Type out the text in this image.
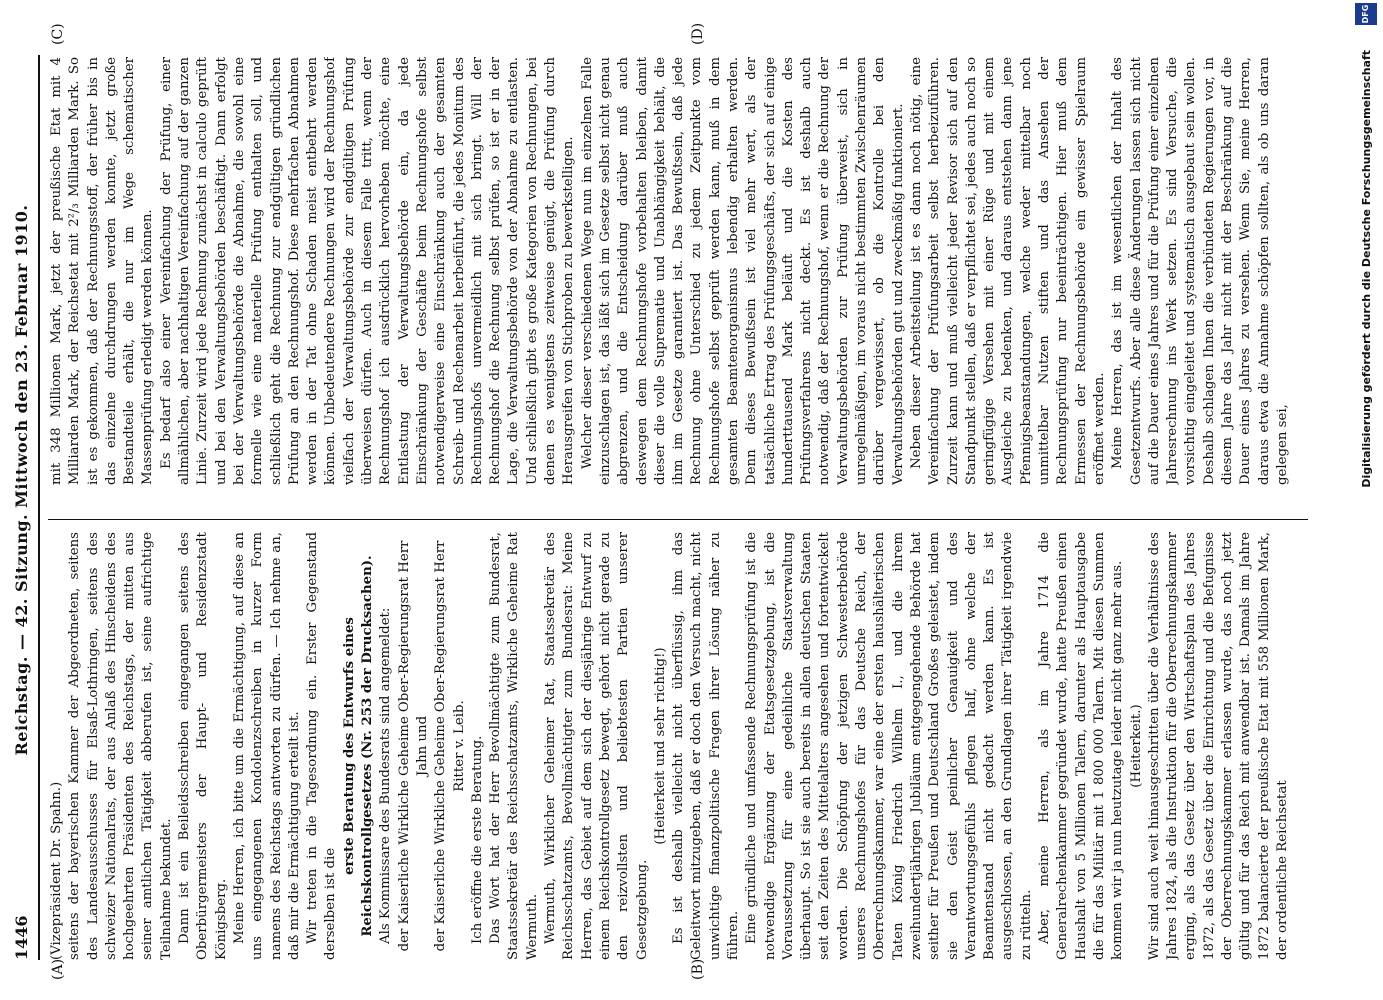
1446
Reichstag. — 42. Sitzung. Mittwoch den 23. Februar 1910.
(A)	(B)
(C)	(D)

(Vizepräsident Dr. Spahn.) seitens der bayerischen Kammer der Abgeordneten, seitens des Landesausschusses für Elsaß-Lothringen, seitens des schweizer Nationalrats, der aus Anlaß des Hinscheidens des hochgeehrten Präsidenten des Reichstags, der mitten aus seiner amtlichen Tätigkeit abberufen ist, seine aufrichtige Teilnahme bekundet. Dann ist ein Beileidsschreiben eingegangen seitens des Oberbürgermeisters der Haupt- und Residenzstadt Königsberg. Meine Herren, ich bitte um die Ermächtigung, auf diese an uns eingegangenen Kondolenzschreiben in kurzer Form namens des Reichstags antworten zu dürfen. — Ich nehme an, daß mir die Ermächtigung erteilt ist. Wir treten in die Tagesordnung ein. Erster Gegenstand derselben ist die

erste Beratung des Entwurfs eines Reichskontrollgesetzes (Nr. 253 der Drucksachen). Als Kommissare des Bundesrats sind angemeldet: der Kaiserliche Wirkliche Geheime Ober-Regierungsrat Herr Jahn und der Kaiserliche Wirkliche Geheime Ober-Regierungsrat Herr Ritter v. Leib. Ich eröffne die erste Beratung. Das Wort hat der Herr Bevollmächtigte zum Bundesrat, Staatssekretär des Reichsschatzamts, Wirkliche Geheime Rat Wermuth. Wermuth, Wirklicher Geheimer Rat, Staatssekretär des Reichsschatzamts, Bevollmächtigter zum Bundesrat: Meine Herren, das Gebiet auf dem sich der diesjährige Entwurf zu einem Reichskontrollgesetz bewegt, gehört nicht gerade zu den reizvollsten und beliebtesten Partien unserer Gesetzgebung.

(Heiterkeit und sehr richtig!) Es ist deshalb vielleicht nicht überflüssig, ihm das Geleitwort mitzugeben, daß er doch den Versuch macht, nicht unwichtige finanzpolitische Fragen ihrer Lösung näher zu führen. Eine gründliche und umfassende Rechnungsprüfung ist die notwendige Ergänzung der Etatsgesetzgebung, ist die Voraussetzung für eine gedeihliche Staatsverwaltung überhaupt. So ist sie auch bereits in allen deutschen Staaten seit den Zeiten des Mittelalters angesehen und fortentwickelt worden. Die Schöpfung der jetzigen Schwesterbehörde unseres Rechnungshofes für das Deutsche Reich, der Oberrechnungskammer, war eine der ersten haushälterischen Taten König Friedrich Wilhelm I., und die ihrem zweihundertjährigen Jubiläum entgegengehende Behörde hat seither für Preußen und Deutschland Großes geleistet, indem sie den Geist peinlicher Genauigkeit und des Verantwortungsgefühls pflegen half, ohne welche der Beamtenstand nicht gedacht werden kann. Es ist ausgeschlossen, an den Grundlagen ihrer Tätigkeit irgendwie zu rütteln. Aber, meine Herren, als im Jahre 1714 die Generalrechenkammer gegründet wurde, hatte Preußen einen Haushalt von 5 Millionen Talern, darunter als Hauptausgabe die für das Militär mit 1 800 000 Talern. Mit diesen Summen kommen wir ja nun heutzutage leider nicht ganz mehr aus. (Heiterkeit.) Wir sind auch weit hinausgeschritten über die Verhältnisse des Jahres 1824, als die Instruktion für die Oberrechnungskammer erging, als das Gesetz über den Wirtschaftsplan des Jahres 1872, als das Gesetz über die Einrichtung und die Befugnisse der Oberrechnungskammer erlassen wurde, das noch jetzt gültig und für das Reich mit anwendbar ist. Damals im Jahre 1872 balancierte der preußische Etat mit 558 Millionen Mark, der ordentliche Reichsetat

mit 348 Millionen Mark, jetzt der preußische Etat mit 4 Milliarden Mark, der Reichsetat mit 2²/₃ Milliarden Mark. So ist es gekommen, daß der Rechnungsstoff, der früher bis in das einzelne durchdrungen werden konnte, jetzt große Bestandteile erhält, die nur im Wege schematischer Massenprüfung erledigt werden können. Es bedarf also einer Vereinfachung der Prüfung, einer allmählichen, aber nachhaltigen Vereinfachung auf der ganzen Linie. Zurzeit wird jede Rechnung zunächst in calculo geprüft und bei den Verwaltungsbehörden beschäftigt. Dann erfolgt bei der Verwaltungsbehörde die Abnahme, die sowohl eine formelle wie eine materielle Prüfung enthalten soll, und schließlich geht die Rechnung zur endgültigen gründlichen Prüfung an den Rechnungshof. Diese mehrfachen Abnahmen werden in der Tat ohne Schaden meist entbehrt werden können. Unbedeutendere Rechnungen wird der Rechnungshof vielfach der Verwaltungsbehörde zur endgültigen Prüfung überweisen dürfen. Auch in diesem Falle tritt, wenn der Rechnungshof ich ausdrücklich hervorheben möchte, eine Entlastung der Verwaltungsbehörde ein, da jede Einschränkung der Geschäfte beim Rechnungshofe selbst notwendigerweise eine Einschränkung auch der gesamten Schreib- und Rechenarbeit herbeiführt, die jedes Monitum des Rechnungshofs unvermeidlich mit sich bringt. Will der Rechnungshof die Rechnung selbst prüfen, so ist er in der Lage, die Verwaltungsbehörde von der Abnahme zu entlasten. Und schließlich gibt es große Kategorien von Rechnungen, bei denen es wenigstens zeitweise genügt, die Prüfung durch Herausgreifen von Stichproben zu bewerkstelligen. Welcher dieser verschiedenen Wege nun im einzelnen Falle einzuschlagen ist, das läßt sich im Gesetze selbst nicht genau abgrenzen, und die Entscheidung darüber muß auch deswegen dem Rechnungshofe vorbehalten bleiben, damit dieser die volle Suprematie und Unabhängigkeit behält, die ihm im Gesetze garantiert ist. Das Bewußtsein, daß jede Rechnung ohne Unterschied zu jedem Zeitpunkte vom Rechnungshofe selbst geprüft werden kann, muß in dem gesamten Beamtenorganismus lebendig erhalten werden. Denn dieses Bewußtsein ist viel mehr wert, als der tatsächliche Ertrag des Prüfungsgeschäfts, der sich auf einige hunderttausend Mark beläuft und die Kosten des Prüfungsverfahrens nicht deckt. Es ist deshalb auch notwendig, daß der Rechnungshof, wenn er die Rechnung der Verwaltungsbehörden zur Prüfung überweist, sich in unregelmäßigen, im voraus nicht bestimmten Zwischenräumen darüber vergewissert, ob die Kontrolle bei den Verwaltungsbehörden gut und zweckmäßig funktioniert. Neben dieser Arbeitsteilung ist es dann noch nötig, eine Vereinfachung der Prüfungsarbeit selbst herbeizuführen. Zurzeit kann und muß vielleicht jeder Revisor sich auf den Standpunkt stellen, daß er verpflichtet sei, jedes auch noch so geringfügige Versehen mit einer Rüge und mit einem Ausgleiche zu bedenken, und daraus entstehen dann jene Pfennigsbeanstandungen, welche weder mittelbar noch unmittelbar Nutzen stiften und das Ansehen der Rechnungsprüfung nur beeinträchtigen. Hier muß dem Ermessen der Rechnungsbehörde ein gewisser Spielraum eröffnet werden. Meine Herren, das ist im wesentlichen der Inhalt des Gesetzentwurfs. Aber alle diese Änderungen lassen sich nicht auf die Dauer eines Jahres und für die Prüfung einer einzelnen Jahresrechnung ins Werk setzen. Es sind Versuche, die vorsichtig eingeleitet und systematisch ausgebaut sein wollen. Deshalb schlagen Ihnen die verbündeten Regierungen vor, in diesem Jahre das Jahr nicht mit der Beschränkung auf die Dauer eines Jahres zu versehen. Wenn Sie, meine Herren, daraus etwa die Annahme schöpfen sollten, als ob uns daran gelegen sei,	Digitalisierung gefördert durch die Deutsche Forschungsgemeinschaft
DFG
